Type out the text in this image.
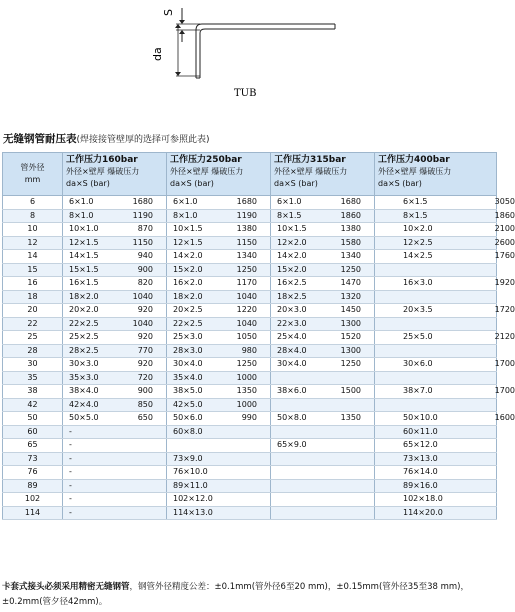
S
da
TUB
无缝钢管耐压表(焊接接管壁厚的选择可参照此表)
管外径
mm	工作压力160bar
外径×壁厚 爆破压力
da×S (bar)	工作压力250bar
外径×壁厚 爆破压力
da×S (bar)	工作压力315bar
外径×壁厚 爆破压力
da×S (bar)	工作压力400bar
外径×壁厚 爆破压力
da×S (bar)

6	6×1.0 1680	6×1.0 1680	6×1.0 1680	6×1.5 3050
8	8×1.0 1190	8×1.0 1190	8×1.5 1860	8×1.5 1860
10	10×1.0 870	10×1.5 1380	10×1.5 1380	10×2.0 2100
12	12×1.5 1150	12×1.5 1150	12×2.0 1580	12×2.5 2600
14	14×1.5 940	14×2.0 1340	14×2.0 1340	14×2.5 1760
15	15×1.5 900	15×2.0 1250	15×2.0 1250	
16	16×1.5 820	16×2.0 1170	16×2.5 1470	16×3.0 1920
18	18×2.0 1040	18×2.0 1040	18×2.5 1320	
20	20×2.0 920	20×2.5 1220	20×3.0 1450	20×3.5 1720
22	22×2.5 1040	22×2.5 1040	22×3.0 1300	
25	25×2.5 920	25×3.0 1050	25×4.0 1520	25×5.0 2120
28	28×2.5 770	28×3.0 980	28×4.0 1300	
30	30×3.0 920	30×4.0 1250	30×4.0 1250	30×6.0 1700
35	35×3.0 720	35×4.0 1000		
38	38×4.0 900	38×5.0 1350	38×6.0 1500	38×7.0 1700
42	42×4.0 850	42×5.0 1000		
50	50×5.0 650	50×6.0 990	50×8.0 1350	50×10.0 1600
60	-	60×8.0		60×11.0
65	-		65×9.0	65×12.0
73	-	73×9.0		73×13.0
76	-	76×10.0		76×14.0
89	-	89×11.0		89×16.0
102	-	102×12.0		102×18.0
114	-	114×13.0		114×20.0
卡套式接头必须采用精密无缝钢管，钢管外径精度公差：±0.1mm(管外径6至20 mm)，±0.15mm(管外径35至38 mm)，±0.2mm(管夕径42mm)。
